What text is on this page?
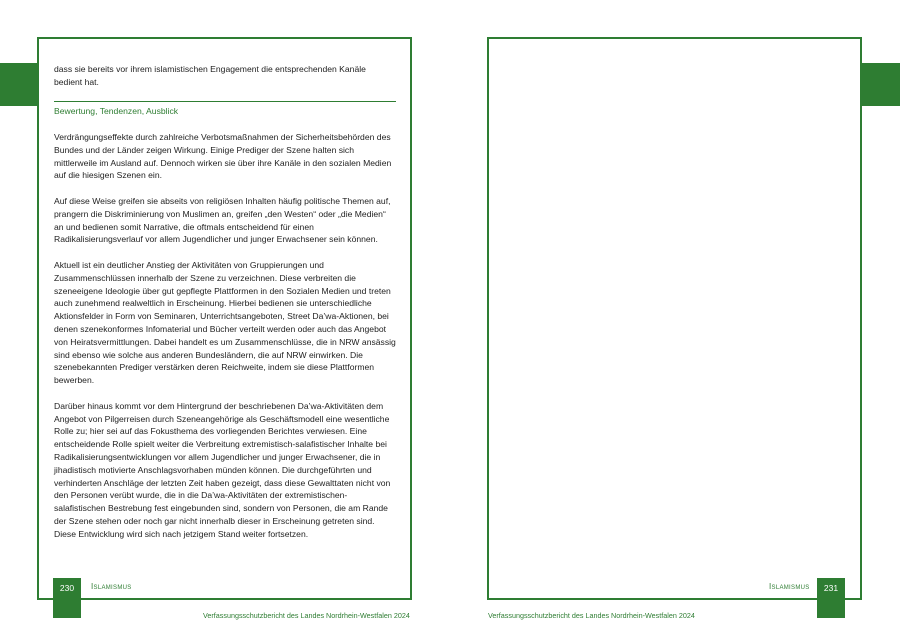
dass sie bereits vor ihrem islamistischen Engagement die entsprechenden Kanäle bedient hat.

Bewertung, Tendenzen, Ausblick

Verdrängungseffekte durch zahlreiche Verbotsmaßnahmen der Sicherheitsbehörden des Bundes und der Länder zeigen Wirkung. Einige Prediger der Szene halten sich mittlerweile im Ausland auf. Dennoch wirken sie über ihre Kanäle in den sozialen Medien auf die hiesigen Szenen ein.

Auf diese Weise greifen sie abseits von religiösen Inhalten häufig politische Themen auf, prangern die Diskriminierung von Muslimen an, greifen „den Westen“ oder „die Medien“ an und bedienen somit Narrative, die oftmals entscheidend für einen Radikalisierungsverlauf vor allem Jugendlicher und junger Erwachsener sein können.

Aktuell ist ein deutlicher Anstieg der Aktivitäten von Gruppierungen und Zusammenschlüssen innerhalb der Szene zu verzeichnen. Diese verbreiten die szeneeigene Ideologie über gut gepflegte Plattformen in den Sozialen Medien und treten auch zunehmend realweltlich in Erscheinung. Hierbei bedienen sie unterschiedliche Aktionsfelder in Form von Seminaren, Unterrichtsangeboten, Street Da’wa-Aktionen, bei denen szenekonformes Infomaterial und Bücher verteilt werden oder auch das Angebot von Heiratsvermittlungen. Dabei handelt es um Zusammenschlüsse, die in NRW ansässig sind ebenso wie solche aus anderen Bundesländern, die auf NRW einwirken. Die szenebekannten Prediger verstärken deren Reichweite, indem sie diese Plattformen bewerben.

Darüber hinaus kommt vor dem Hintergrund der beschriebenen Da’wa-Aktivitäten dem Angebot von Pilgerreisen durch Szeneangehörige als Geschäftsmodell eine wesentliche Rolle zu; hier sei auf das Fokusthema des vorliegenden Berichtes verwiesen. Eine entscheidende Rolle spielt weiter die Verbreitung extremistisch-salafistischer Inhalte bei Radikalisierungsentwicklungen vor allem Jugendlicher und junger Erwachsener, die in jihadistisch motivierte Anschlagsvorhaben münden können. Die durchgeführten und verhinderten Anschläge der letzten Zeit haben gezeigt, dass diese Gewalttaten nicht von den Personen verübt wurde, die in die Da’wa-Aktivitäten der extremistischen-salafistischen Bestrebung fest eingebunden sind, sondern von Personen, die am Rande der Szene stehen oder noch gar nicht innerhalb dieser in Erscheinung getreten sind. Diese Entwicklung wird sich nach jetzigem Stand weiter fortsetzen.

230	Islamismus
Verfassungsschutzbericht des Landes Nordrhein-Westfalen 2024
231
Islamismus
Verfassungsschutzbericht des Landes Nordrhein-Westfalen 2024
